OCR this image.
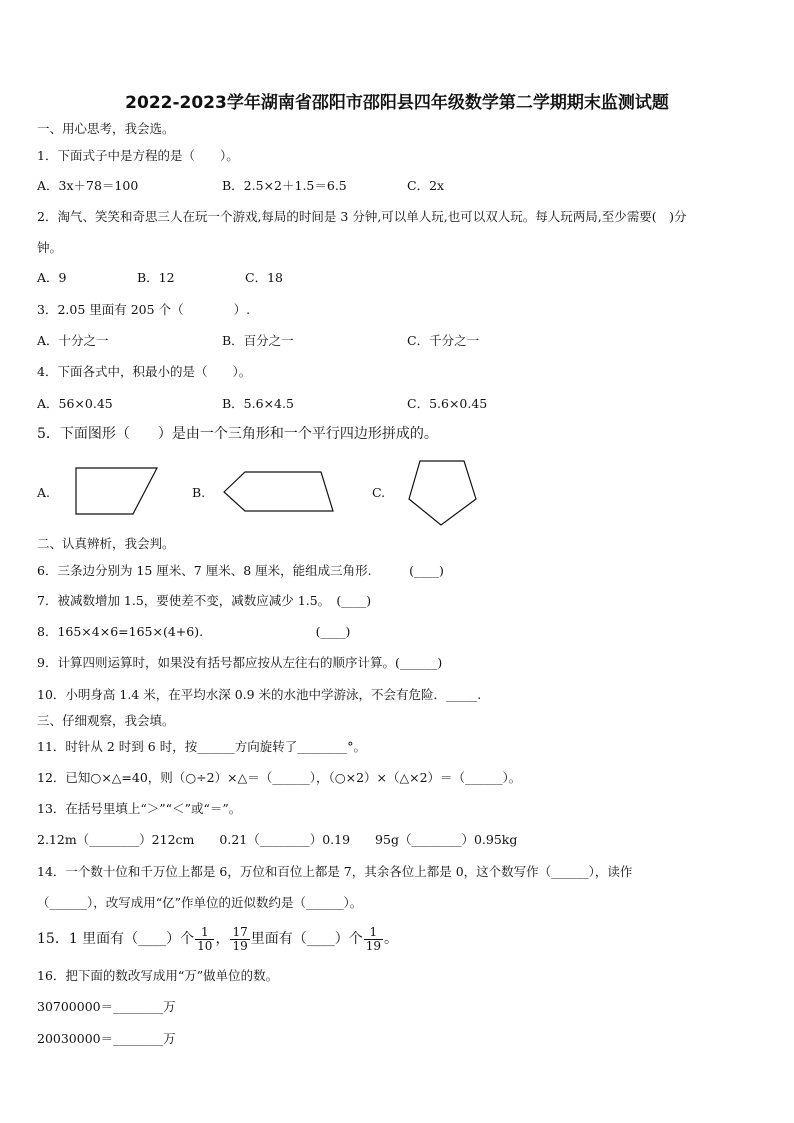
2022-2023学年湖南省邵阳市邵阳县四年级数学第二学期期末监测试题
一、用心思考，我会选。
1．下面式子中是方程的是（　　）。
A．3x＋78＝100	B．2.5×2＋1.5＝6.5	C．2x
2．淘气、笑笑和奇思三人在玩一个游戏,每局的时间是 3 分钟,可以单人玩,也可以双人玩。每人玩两局,至少需要(　)分
钟。
A．9	B．12	C．18
3．2.05 里面有 205 个（　　　　）.
A．十分之一	B．百分之一	C．千分之一
4．下面各式中，积最小的是（　　）。
A．56×0.45	B．5.6×4.5	C．5.6×0.45
5．下面图形（　　）是由一个三角形和一个平行四边形拼成的。
A.	B.	C.
二、认真辨析，我会判。
6．三条边分别为 15 厘米、7 厘米、8 厘米，能组成三角形.　　　(____)
7．被减数增加 1.5，要使差不变，减数应减少 1.5。　(____)
8．165×4×6=165×(4+6).　　　　　　　　　(____)
9．计算四则运算时，如果没有括号都应按从左往右的顺序计算。(______)
10．小明身高 1.4 米，在平均水深 0.9 米的水池中学游泳，不会有危险．_____.
三、仔细观察，我会填。
11．时针从 2 时到 6 时，按______方向旋转了________°。
12．已知○×△=40，则（○÷2）×△＝（______），（○×2）×（△×2）＝（______）。
13．在括号里填上“＞”“＜”或“＝”。
2.12m（________）212cm　　0.21（________）0.19　　95g（________）0.95kg
14．一个数十位和千万位上都是 6，万位和百位上都是 7，其余各位上都是 0，这个数写作（______），读作
（______），改写成用“亿”作单位的近似数约是（______）。
15．1 里面有（____）个 $\frac{1}{10}$ ， $\frac{17}{19}$ 里面有（____）个 $\frac{1}{19}$ 。
16．把下面的数改写成用“万”做单位的数。
30700000＝________万
20030000＝________万
